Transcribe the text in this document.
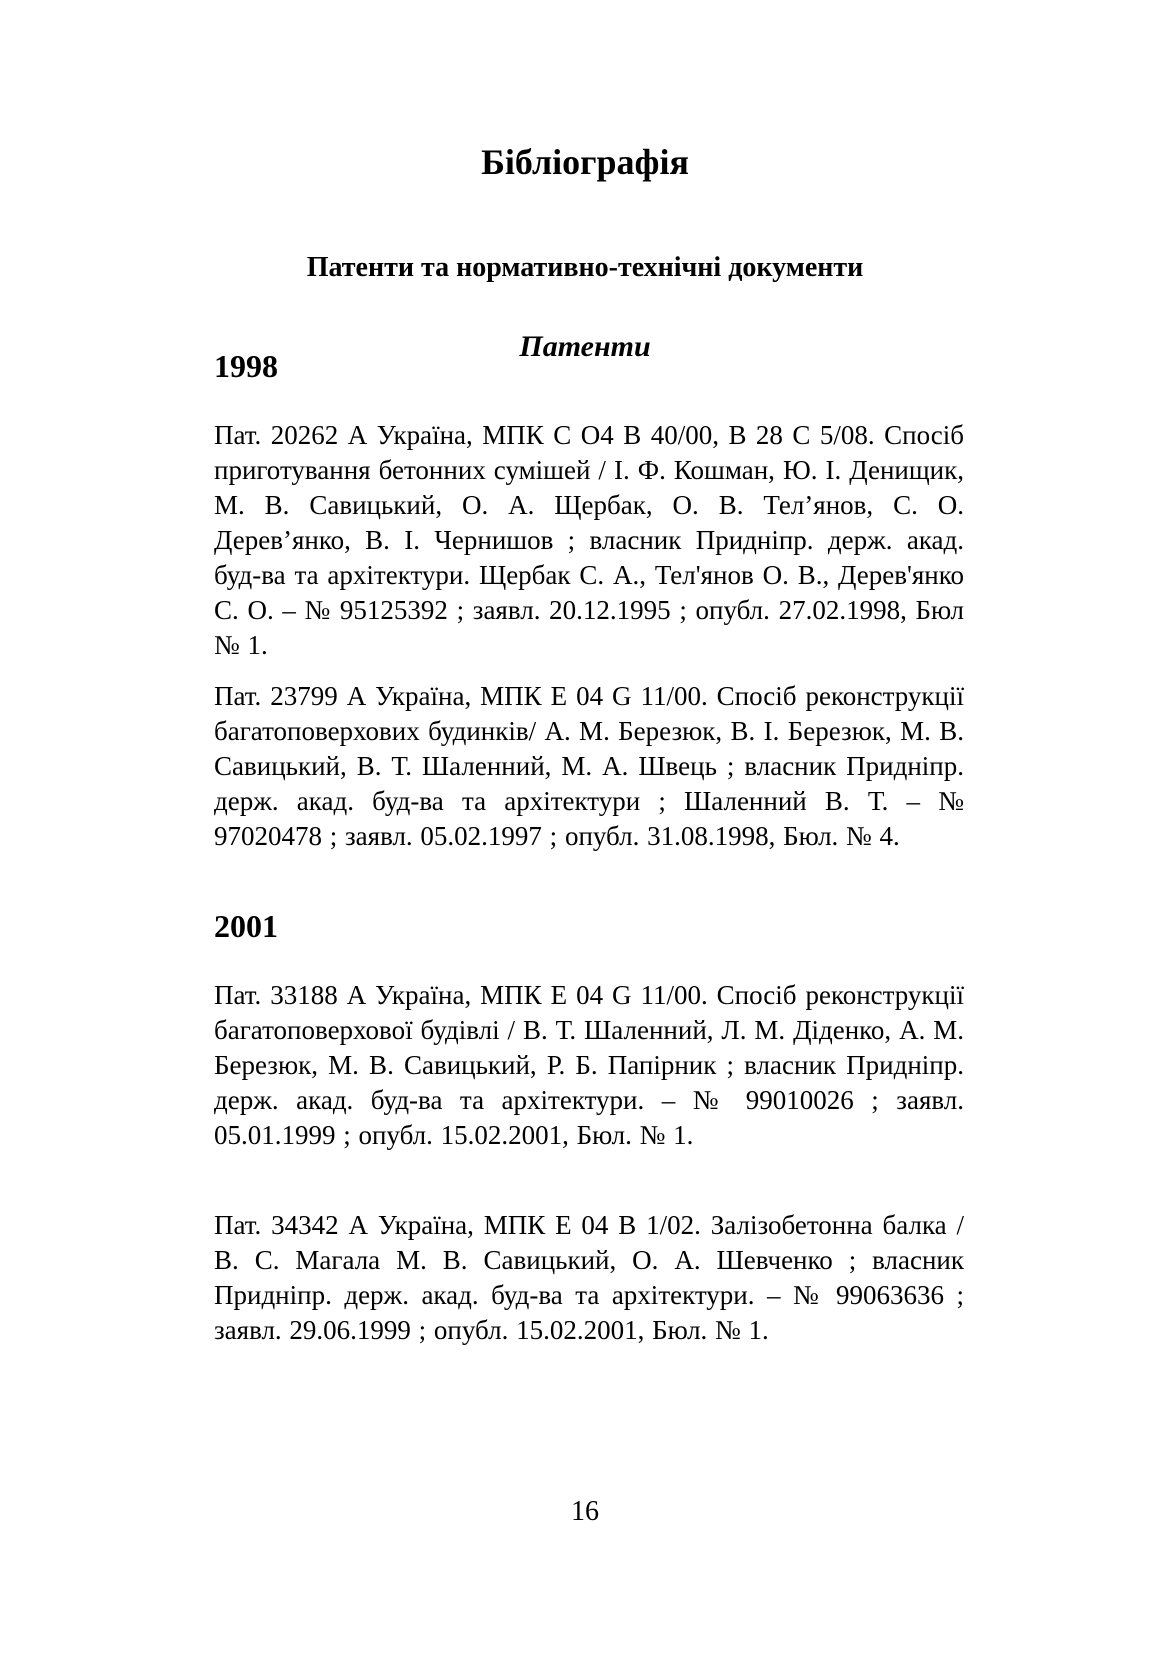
Бібліографія
Патенти та нормативно-технічні документи
Патенти
1998

Пат. 20262 А Україна, МПК С О4 В 40/00, В 28 С 5/08. Спосіб приготування бетонних сумішей / І. Ф. Кошман, Ю. І. Денищик, М. В. Савицький, О. А. Щербак, О. В. Тел’янов, С. О. Дерев’янко, В. І. Чернишов ; власник Придніпр. держ. акад. буд-ва та архітектури. Щербак С. А., Тел'янов О. В., Дерев'янко С. О. – № 95125392 ; заявл. 20.12.1995 ; опубл. 27.02.1998, Бюл № 1.

Пат. 23799 А Україна, МПК Е 04 G 11/00. Спосіб реконструкції багатоповерхових будинків/ А. М. Березюк, В. І. Березюк, М. В. Савицький, В. Т. Шаленний, М. А. Швець ; власник Придніпр. держ. акад. буд-ва та архітектури ; Шаленний В. Т. – № 97020478 ; заявл. 05.02.1997 ; опубл. 31.08.1998, Бюл. № 4.

2001

Пат. 33188 А Україна, МПК Е 04 G 11/00. Спосіб реконструкції багатоповерхової будівлі / В. Т. Шаленний, Л. М. Діденко, А. М. Березюк, М. В. Савицький, Р. Б. Папірник ; власник Придніпр. держ. акад. буд-ва та архітектури. – № 99010026 ; заявл. 05.01.1999 ; опубл. 15.02.2001, Бюл. № 1.

Пат. 34342 А Україна, МПК Е 04 В 1/02. Залізобетонна балка / В. С. Магала М. В. Савицький, О. А. Шевченко ; власник Придніпр. держ. акад. буд-ва та архітектури. – № 99063636 ; заявл. 29.06.1999 ; опубл. 15.02.2001, Бюл. № 1.

16
